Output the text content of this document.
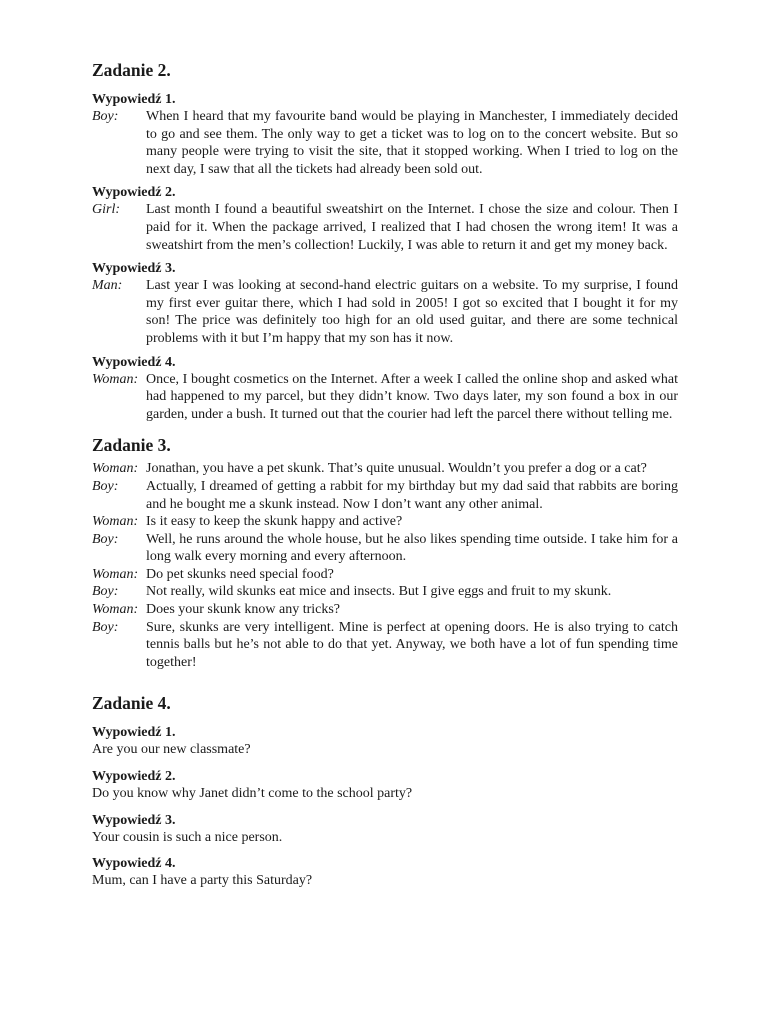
Zadanie 2.
Wypowiedź 1.
Boy:	When I heard that my favourite band would be playing in Manchester, I immediately decided to go and see them. The only way to get a ticket was to log on to the concert website. But so many people were trying to visit the site, that it stopped working. When I tried to log on the next day, I saw that all the tickets had already been sold out.
Wypowiedź 2.
Girl:	Last month I found a beautiful sweatshirt on the Internet. I chose the size and colour. Then I paid for it. When the package arrived, I realized that I had chosen the wrong item! It was a sweatshirt from the men’s collection! Luckily, I was able to return it and get my money back.
Wypowiedź 3.
Man:	Last year I was looking at second-hand electric guitars on a website. To my surprise, I found my first ever guitar there, which I had sold in 2005! I got so excited that I bought it for my son! The price was definitely too high for an old used guitar, and there are some technical problems with it but I’m happy that my son has it now.
Wypowiedź 4.
Woman: Once, I bought cosmetics on the Internet. After a week I called the online shop and asked what had happened to my parcel, but they didn’t know. Two days later, my son found a box in our garden, under a bush. It turned out that the courier had left the parcel there without telling me.
Zadanie 3.
Woman: Jonathan, you have a pet skunk. That’s quite unusual. Wouldn’t you prefer a dog or a cat?
Boy:	Actually, I dreamed of getting a rabbit for my birthday but my dad said that rabbits are boring and he bought me a skunk instead. Now I don’t want any other animal.
Woman: Is it easy to keep the skunk happy and active?
Boy:	Well, he runs around the whole house, but he also likes spending time outside. I take him for a long walk every morning and every afternoon.
Woman: Do pet skunks need special food?
Boy:	Not really, wild skunks eat mice and insects. But I give eggs and fruit to my skunk.
Woman: Does your skunk know any tricks?
Boy:	Sure, skunks are very intelligent. Mine is perfect at opening doors. He is also trying to catch tennis balls but he’s not able to do that yet. Anyway, we both have a lot of fun spending time together!
Zadanie 4.
Wypowiedź 1.
Are you our new classmate?
Wypowiedź 2.
Do you know why Janet didn’t come to the school party?
Wypowiedź 3.
Your cousin is such a nice person.
Wypowiedź 4.
Mum, can I have a party this Saturday?
